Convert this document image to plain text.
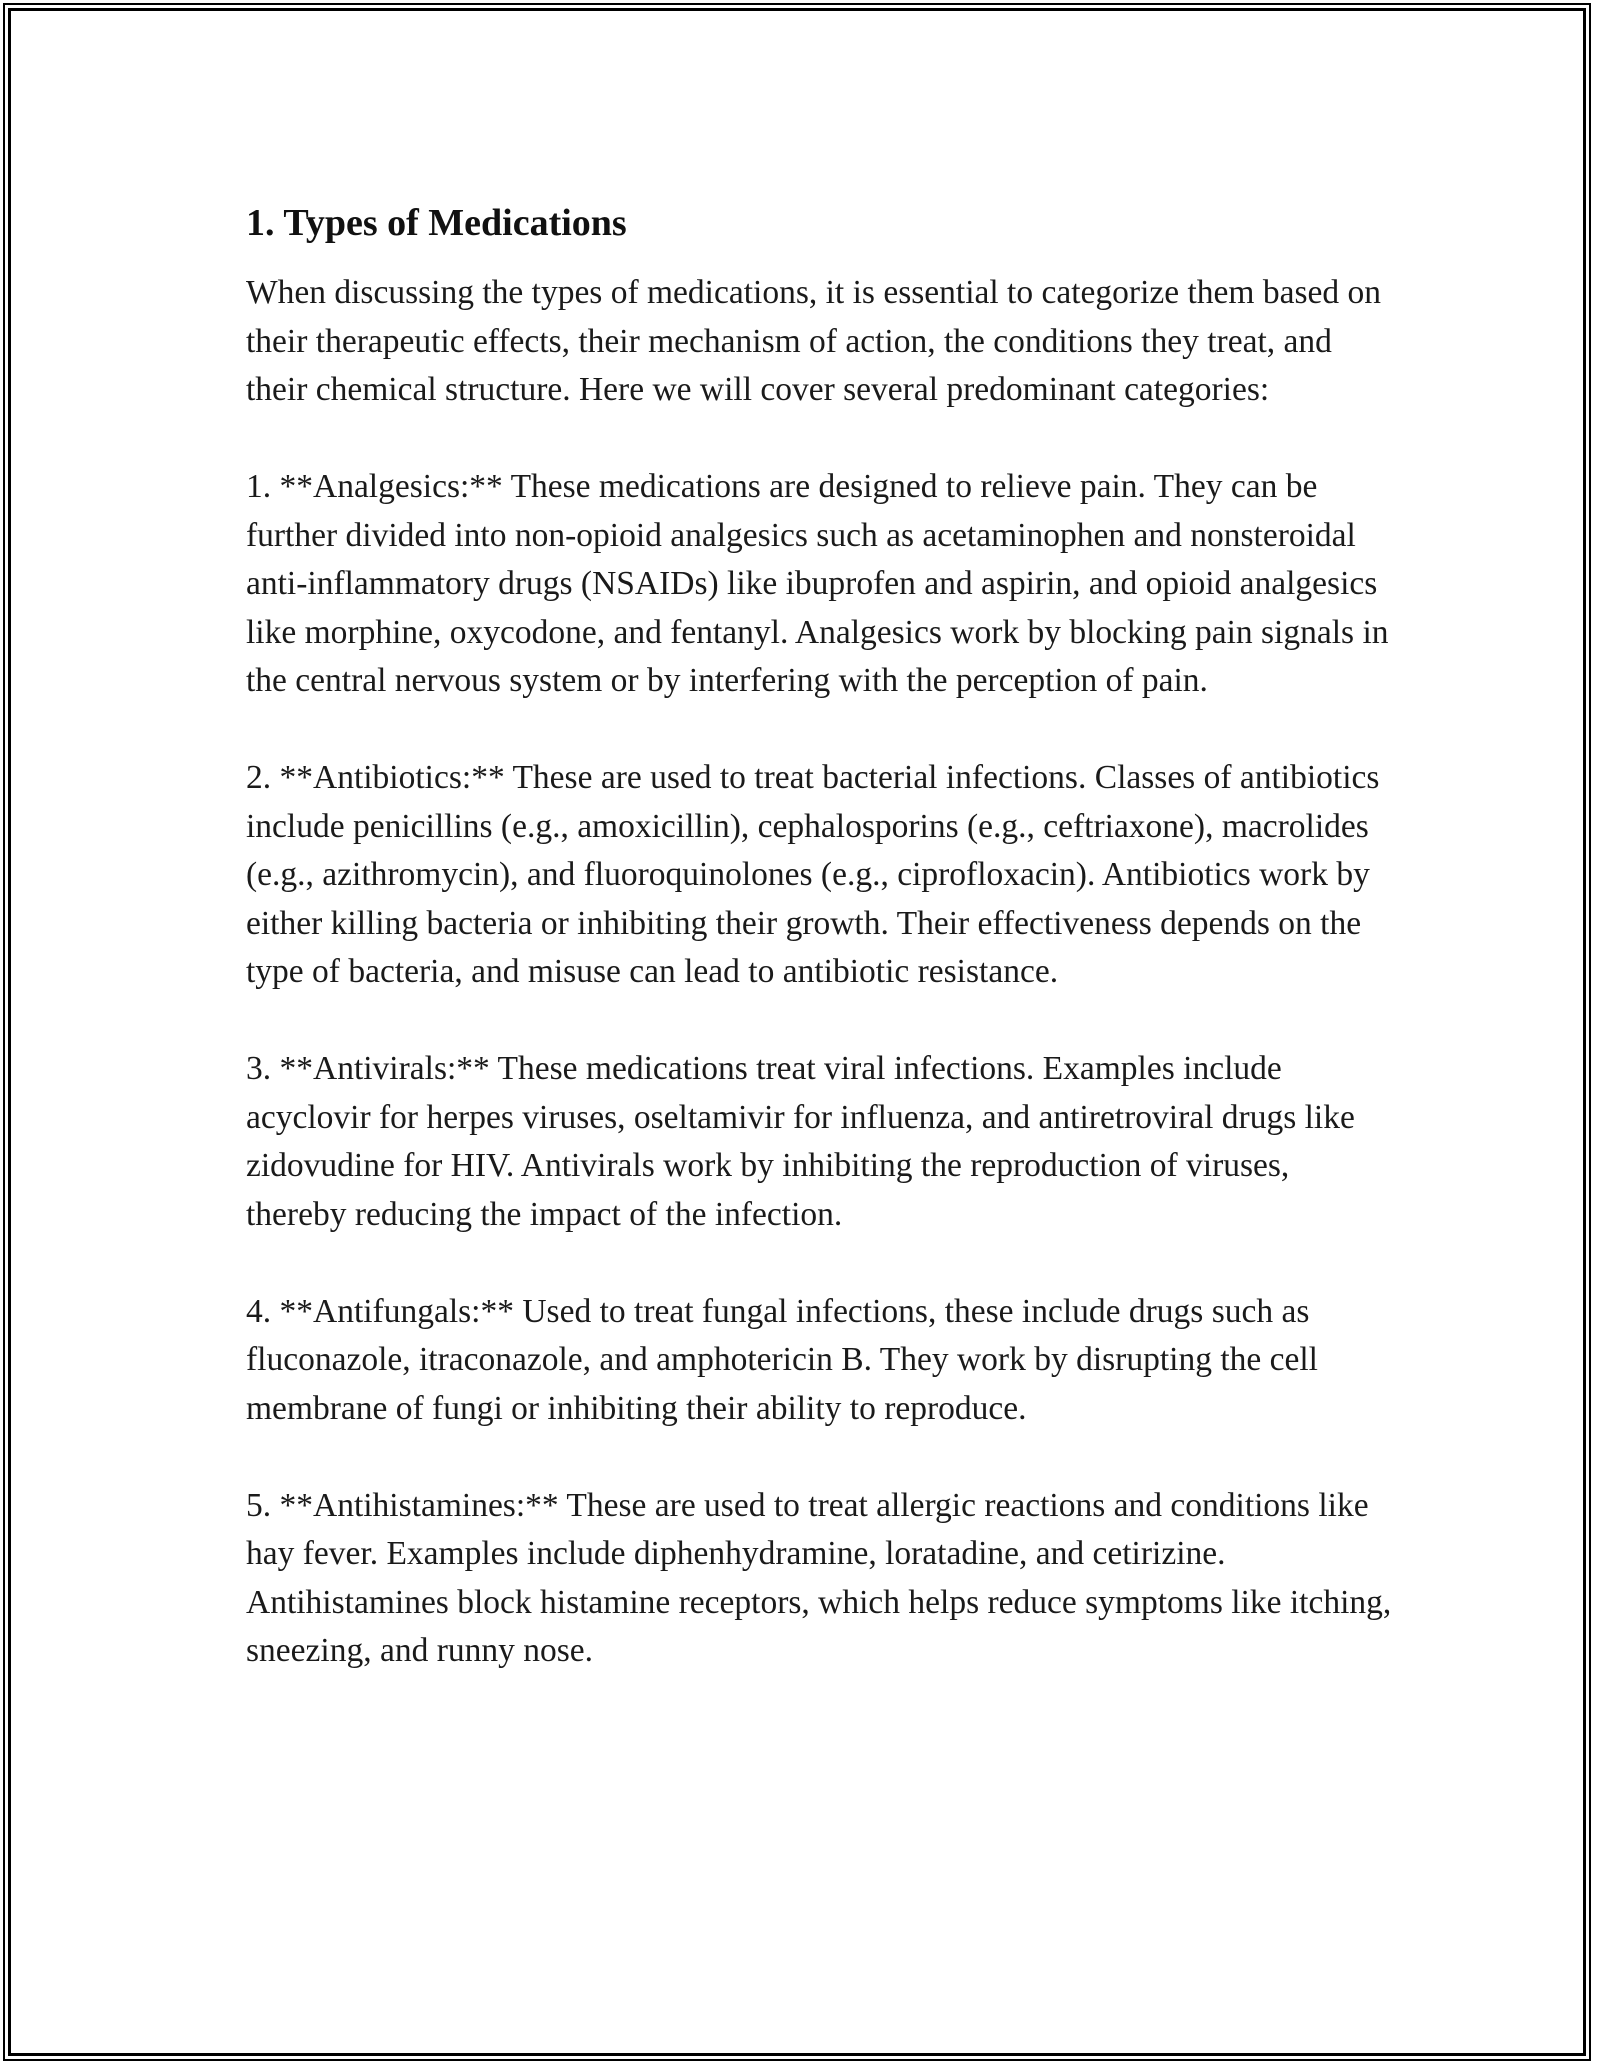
1. Types of Medications

When discussing the types of medications, it is essential to categorize them based on their therapeutic effects, their mechanism of action, the conditions they treat, and their chemical structure. Here we will cover several predominant categories:

1. **Analgesics:** These medications are designed to relieve pain. They can be further divided into non-opioid analgesics such as acetaminophen and nonsteroidal anti-inflammatory drugs (NSAIDs) like ibuprofen and aspirin, and opioid analgesics like morphine, oxycodone, and fentanyl. Analgesics work by blocking pain signals in the central nervous system or by interfering with the perception of pain.

2. **Antibiotics:** These are used to treat bacterial infections. Classes of antibiotics include penicillins (e.g., amoxicillin), cephalosporins (e.g., ceftriaxone), macrolides (e.g., azithromycin), and fluoroquinolones (e.g., ciprofloxacin). Antibiotics work by either killing bacteria or inhibiting their growth. Their effectiveness depends on the type of bacteria, and misuse can lead to antibiotic resistance.

3. **Antivirals:** These medications treat viral infections. Examples include acyclovir for herpes viruses, oseltamivir for influenza, and antiretroviral drugs like zidovudine for HIV. Antivirals work by inhibiting the reproduction of viruses, thereby reducing the impact of the infection.

4. **Antifungals:** Used to treat fungal infections, these include drugs such as fluconazole, itraconazole, and amphotericin B. They work by disrupting the cell membrane of fungi or inhibiting their ability to reproduce.

5. **Antihistamines:** These are used to treat allergic reactions and conditions like hay fever. Examples include diphenhydramine, loratadine, and cetirizine. Antihistamines block histamine receptors, which helps reduce symptoms like itching, sneezing, and runny nose.
